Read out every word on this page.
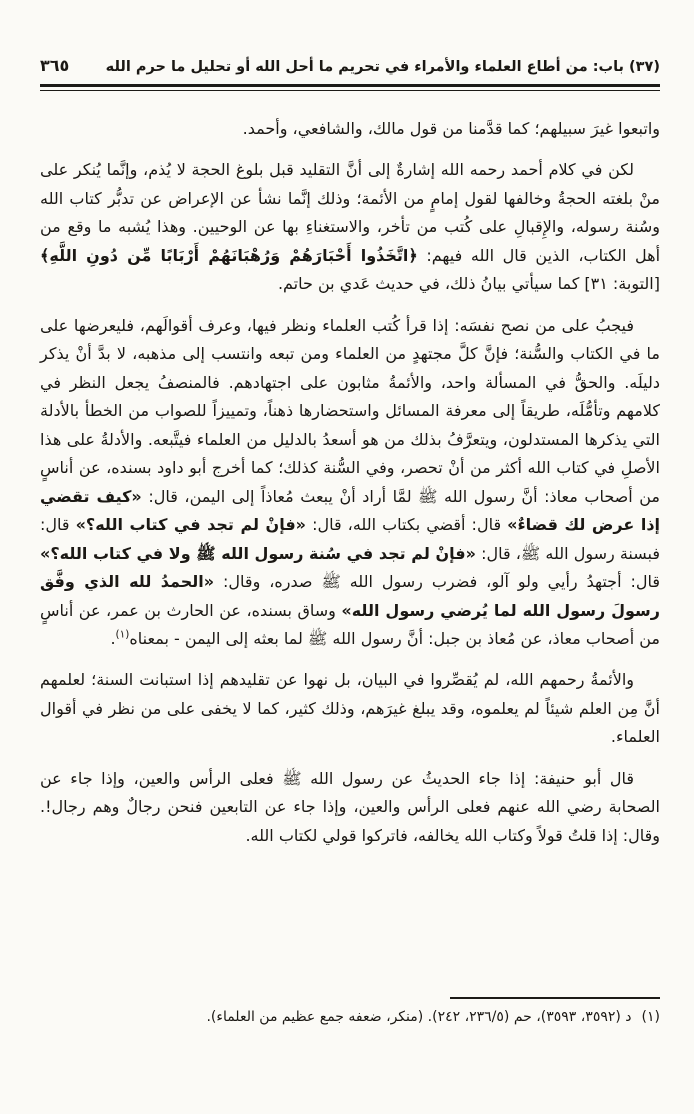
(٣٧) باب: من أطاع العلماء والأمراء في تحريم ما أحل الله أو تحليل ما حرم الله
٣٦٥

واتبعوا غيرَ سبيلهم؛ كما قدَّمنا من قول مالك، والشافعي، وأحمد.

لكن في كلام أحمد رحمه الله إشارةٌ إلى أنَّ التقليد قبل بلوغ الحجة لا يُذم، وإنَّما يُنكر على منْ بلغته الحجةُ وخالفها لقول إمامٍ من الأئمة؛ وذلك إنَّما نشأ عن الإعراض عن تدبُّر كتاب الله وسُنة رسوله، والإِقبالِ على كُتب من تأخر، والاستغناءِ بها عن الوحيين. وهذا يُشبه ما وقع من أهل الكتاب، الذين قال الله فيهم: ﴿اتَّخَذُوا أَحْبَارَهُمْ وَرُهْبَانَهُمْ أَرْبَابًا مِّن دُونِ اللَّهِ﴾ [التوبة: ٣١] كما سيأتي بيانُ ذلك، في حديث عَدي بن حاتم.

فيجبُ على من نصح نفسَه: إذا قرأ كُتب العلماء ونظر فيها، وعرف أقوالَهم، فليعرضها على ما في الكتاب والسُّنة؛ فإنَّ كلَّ مجتهدٍ من العلماء ومن تبعه وانتسب إلى مذهبه، لا بدَّ أنْ يذكر دليلَه. والحقُّ في المسألة واحد، والأئمةُ مثابون على اجتهادهم. فالمنصفُ يجعل النظر في كلامهم وتأمُّلَه، طريقاً إلى معرفة المسائل واستحضارها ذهناً، وتمييزاً للصواب من الخطأ بالأدلة التي يذكرها المستدلون، ويتعرَّفُ بذلك من هو أسعدُ بالدليل من العلماء فيتَّبعه. والأدلةُ على هذا الأصلِ في كتاب الله أكثر من أنْ تحصر، وفي السُّنة كذلك؛ كما أخرج أبو داود بسنده، عن أناسٍ من أصحاب معاذ: أنَّ رسول الله ﷺ لمَّا أراد أنْ يبعث مُعاذاً إلى اليمن، قال: «كيف تقضي إذا عرض لك قضاءٌ» قال: أقضي بكتاب الله، قال: «فإنْ لم تجد في كتاب الله؟» قال: فبسنة رسول الله ﷺ، قال: «فإنْ لم تجد في سُنة رسول الله ﷺ ولا في كتاب الله؟» قال: أجتهدُ رأيي ولو آلو، فضرب رسول الله ﷺ صدره، وقال: «الحمدُ لله الذي وفَّق رسولَ رسول الله لما يُرضي رسول الله» وساق بسنده، عن الحارث بن عمر، عن أناسٍ من أصحاب معاذ، عن مُعاذ بن جبل: أنَّ رسول الله ﷺ لما بعثه إلى اليمن - بمعناه$^{(١)}$.

والأئمةُ رحمهم الله، لم يُقصِّروا في البيان، بل نهوا عن تقليدهم إذا استبانت السنة؛ لعلمهم أنَّ مِن العلم شيئاً لم يعلموه، وقد يبلغ غيرَهم، وذلك كثير، كما لا يخفى على من نظر في أقوال العلماء.

قال أبو حنيفة: إذا جاء الحديثُ عن رسول الله ﷺ فعلى الرأس والعين، وإذا جاء عن الصحابة رضي الله عنهم فعلى الرأس والعين، وإذا جاء عن التابعين فنحن رجالٌ وهم رجال!. وقال: إذا قلتُ قولاً وكتاب الله يخالفه، فاتركوا قولي لكتاب الله.

(١)
د (٣٥٩٢، ٣٥٩٣)، حم (٢٣٦/٥، ٢٤٢). (منكر، ضعفه جمع عظيم من العلماء).
